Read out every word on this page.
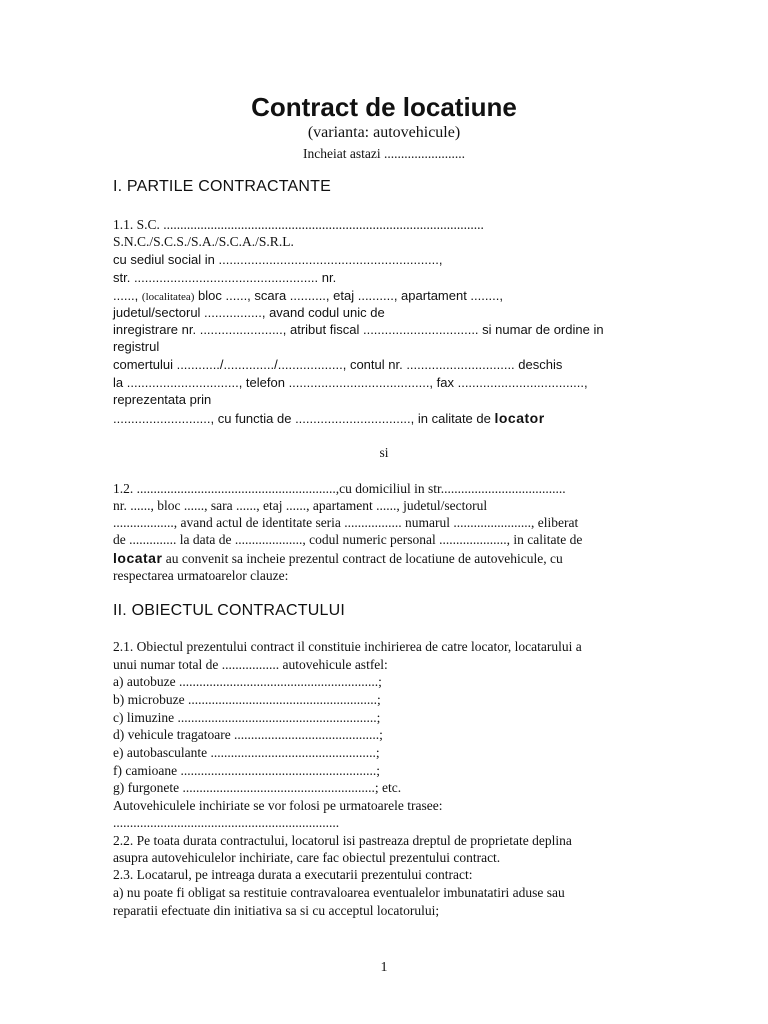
Contract de locatiune
(varianta: autovehicule)
Incheiat astazi ........................
I. PARTILE CONTRACTANTE
1.1. S.C. ...............................................................................................
S.N.C./S.C.S./S.A./S.C.A./S.R.L.
cu sediul social in .............................................................,
str. ................................................... nr.
......, (localitatea) bloc ......, scara .........., etaj .........., apartament ........,
judetul/sectorul ................, avand codul unic de
inregistrare nr. ......................., atribut fiscal ................................ si numar de ordine in
registrul
comertului ............/............../.................., contul nr. .............................. deschis
la ..............................., telefon ......................................., fax ...................................,
reprezentata prin
..........................., cu functia de ................................, in calitate de locator
si
1.2. ...........................................................,cu domiciliul in str.....................................
nr. ......, bloc ......, sara ......, etaj ......, apartament ......, judetul/sectorul
.................., avand actul de identitate seria ................. numarul ......................., eliberat
de .............. la data de ...................., codul numeric personal ...................., in calitate de
locatar au convenit sa incheie prezentul contract de locatiune de autovehicule, cu
respectarea urmatoarelor clauze:
II. OBIECTUL CONTRACTULUI
2.1. Obiectul prezentului contract il constituie inchirierea de catre locator, locatarului a
unui numar total de ................. autovehicule astfel:
a) autobuze ...........................................................;
b) microbuze ........................................................;
c) limuzine ...........................................................;
d) vehicule tragatoare ...........................................;
e) autobasculante .................................................;
f) camioane ..........................................................;
g) furgonete .........................................................; etc.
Autovehiculele inchiriate se vor folosi pe urmatoarele trasee:
...................................................................
2.2. Pe toata durata contractului, locatorul isi pastreaza dreptul de proprietate deplina
asupra autovehiculelor inchiriate, care fac obiectul prezentului contract.
2.3. Locatarul, pe intreaga durata a executarii prezentului contract:
a) nu poate fi obligat sa restituie contravaloarea eventualelor imbunatatiri aduse sau
reparatii efectuate din initiativa sa si cu acceptul locatorului;
1
